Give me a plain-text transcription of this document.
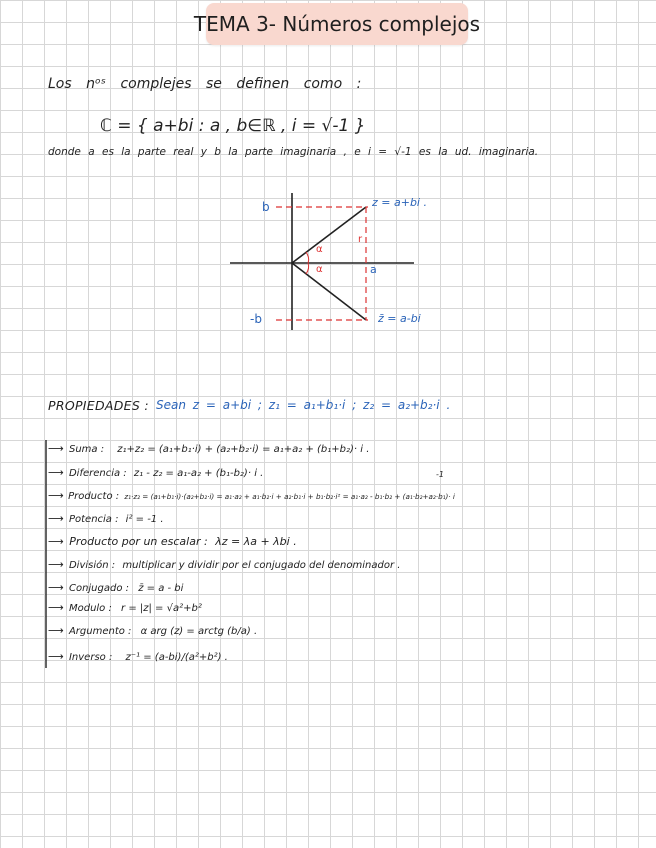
TEMA 3- Números complejos
Los nᵒˢ complejes se definen como :
ℂ = { a+bi : a , b∈ℝ , i = √-1 }
donde a es la parte real y b la parte imaginaria , e i = √-1 es la ud. imaginaria.
b
-b
z = a+bi .
z̄ = a-bi
α
α
r
a
PROPIEDADES : Sean z = a+bi ; z₁ = a₁+b₁·i ; z₂ = a₂+b₂·i .
⟶ Suma : z₁+z₂ = (a₁+b₁·i) + (a₂+b₂·i) = a₁+a₂ + (b₁+b₂)· i .
⟶ Diferencia : z₁ - z₂ = a₁-a₂ + (b₁-b₂)· i .	-1
⟶ Producto : z₁·z₂ = (a₁+b₁·i)·(a₂+b₂·i) = a₁·a₂ + a₁·b₂·i + a₂·b₁·i + b₁·b₂·i² = a₁·a₂ - b₁·b₂ + (a₁·b₂+a₂·b₁)· i
⟶ Potencia : i² = -1 .
⟶ Producto por un escalar : λz = λa + λbi .
⟶ División : multiplicar y dividir por el conjugado del denominador .
⟶ Conjugado : z̄ = a - bi
⟶ Modulo : r = |z| = √a²+b²
⟶ Argumento : α arg (z) = arctg (b/a) .
⟶ Inverso : z⁻¹ = (a-bi)/(a²+b²) .
